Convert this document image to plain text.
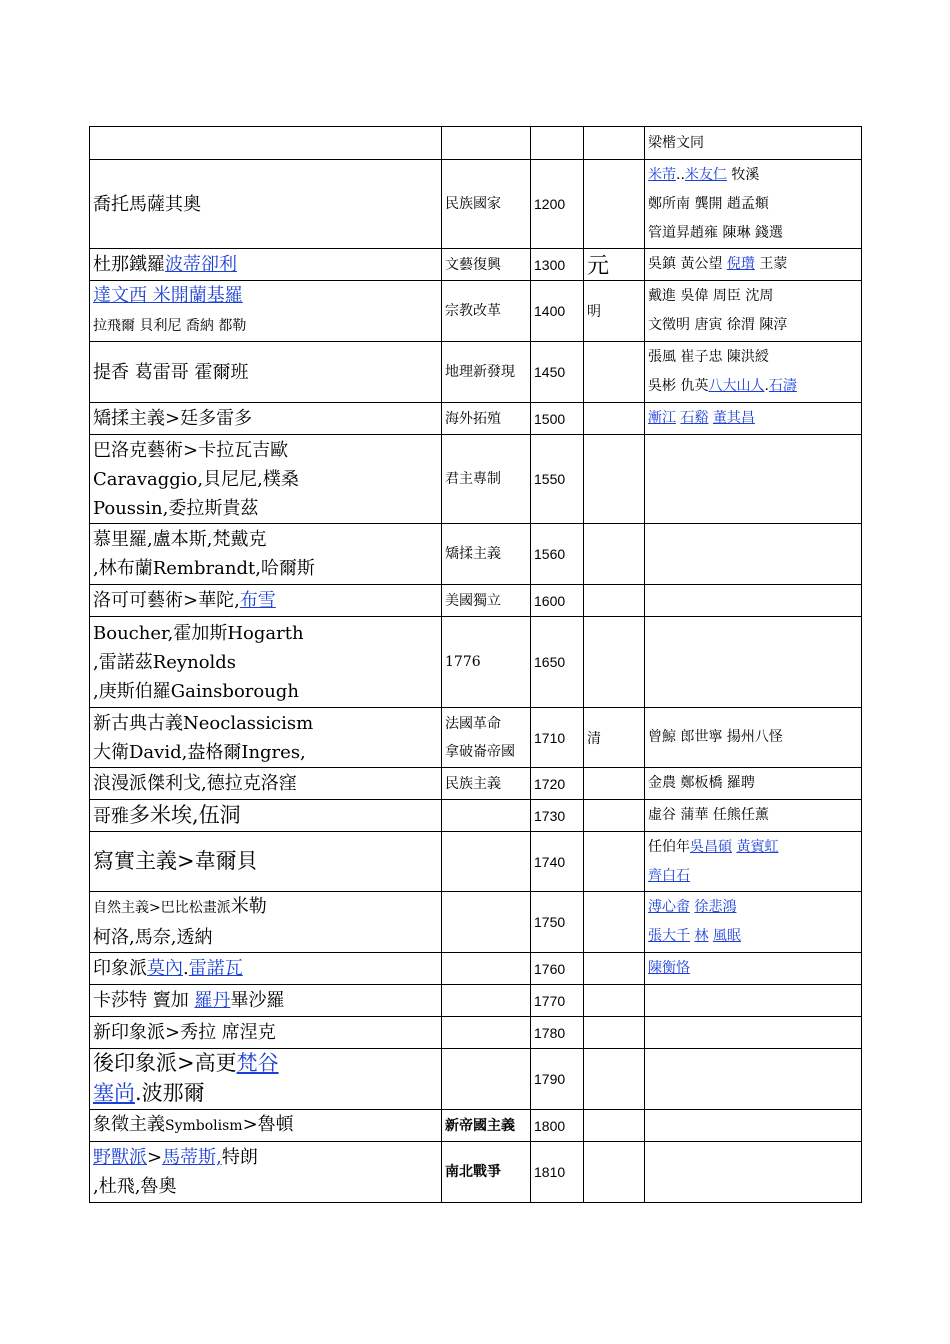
				梁楷文同

喬托馬薩其奧	民族國家	1200		米芾..米友仁 牧溪
鄭所南 龔開 趙孟頫
管道昇趙雍 陳琳 錢選

杜那鐵羅波蒂卻利	文藝復興	1300	元	吳鎮 黃公望 倪瓚 王蒙

達文西 米開蘭基羅
拉飛爾 貝利尼 喬納 都勒	宗教改革	1400	明	戴進 吳偉 周臣 沈周
文徵明 唐寅 徐渭 陳淳

提香 葛雷哥 霍爾班	地理新發現	1450		張風 崔子忠 陳洪綬
吳彬 仇英八大山人.石濤

矯揉主義>廷多雷多	海外拓殖	1500		漸江 石谿 董其昌

巴洛克藝術>卡拉瓦吉歐
Caravaggio,貝尼尼,樸桑
Poussin,委拉斯貴茲	君主專制	1550		

慕里羅,盧本斯,梵戴克
,林布蘭Rembrandt,哈爾斯	矯揉主義	1560		

洛可可藝術>華陀,布雪	美國獨立	1600		

Boucher,霍加斯Hogarth
,雷諾茲Reynolds
,庚斯伯羅Gainsborough	1776	1650		

新古典古義Neoclassicism
大衛David,盎格爾Ingres,	法國革命
拿破崙帝國	1710	清	曾鯨 郎世寧 揚州八怪

浪漫派傑利戈,德拉克洛窪	民族主義	1720		金農 鄭板橋 羅聘

哥雅多米埃,伍洞		1730		虛谷 蒲華 任熊任薰

寫實主義>韋爾貝		1740		任伯年吳昌碩 黃賓虹
齊白石

自然主義>巴比松畫派米勒
柯洛,馬奈,透納		1750		溥心畬 徐悲鴻
張大千 林 風眠

印象派莫內.雷諾瓦		1760		陳衡恪

卡莎特 竇加 羅丹畢沙羅		1770		

新印象派>秀拉 席涅克		1780		

後印象派>高更梵谷
塞尚.波那爾		1790		

象徵主義Symbolism>魯頓	新帝國主義	1800		

野獸派>馬蒂斯,特朗
,杜飛,魯奧	南北戰爭	1810		
